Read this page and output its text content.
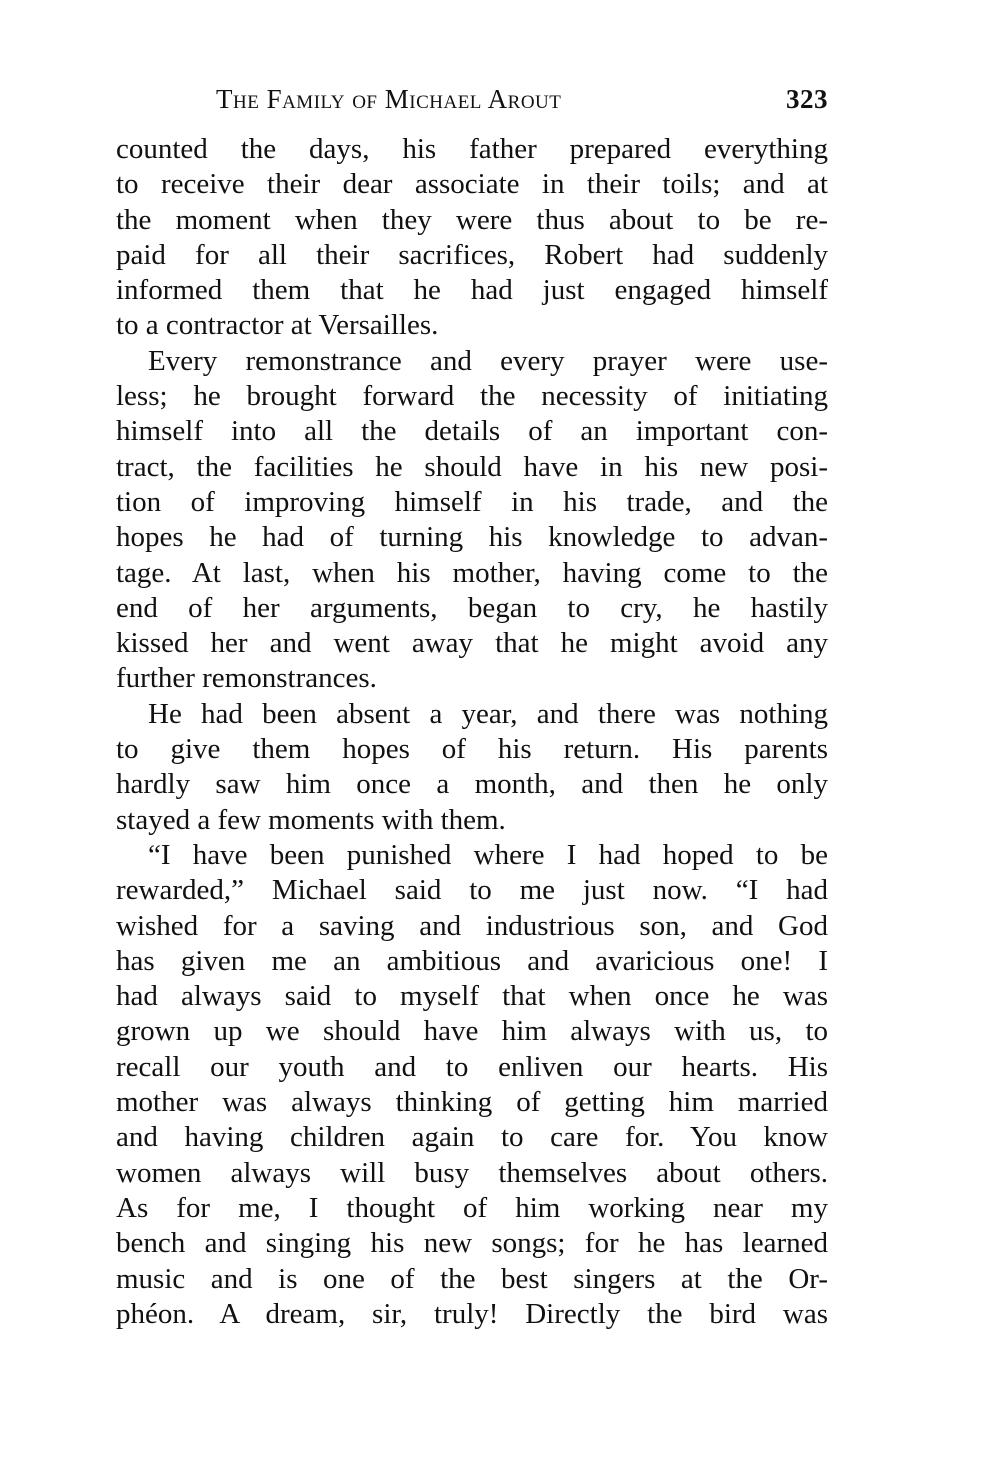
The Family of Michael Arout	323
counted the days, his father prepared everything
to receive their dear associate in their toils; and at
the moment when they were thus about to be re-
paid for all their sacrifices, Robert had suddenly
informed them that he had just engaged himself
to a contractor at Versailles.
Every remonstrance and every prayer were use-
less; he brought forward the necessity of initiating
himself into all the details of an important con-
tract, the facilities he should have in his new posi-
tion of improving himself in his trade, and the
hopes he had of turning his knowledge to advan-
tage. At last, when his mother, having come to the
end of her arguments, began to cry, he hastily
kissed her and went away that he might avoid any
further remonstrances.
He had been absent a year, and there was nothing
to give them hopes of his return. His parents
hardly saw him once a month, and then he only
stayed a few moments with them.
“I have been punished where I had hoped to be
rewarded,” Michael said to me just now. “I had
wished for a saving and industrious son, and God
has given me an ambitious and avaricious one! I
had always said to myself that when once he was
grown up we should have him always with us, to
recall our youth and to enliven our hearts. His
mother was always thinking of getting him married
and having children again to care for. You know
women always will busy themselves about others.
As for me, I thought of him working near my
bench and singing his new songs; for he has learned
music and is one of the best singers at the Or-
phéon. A dream, sir, truly! Directly the bird was
